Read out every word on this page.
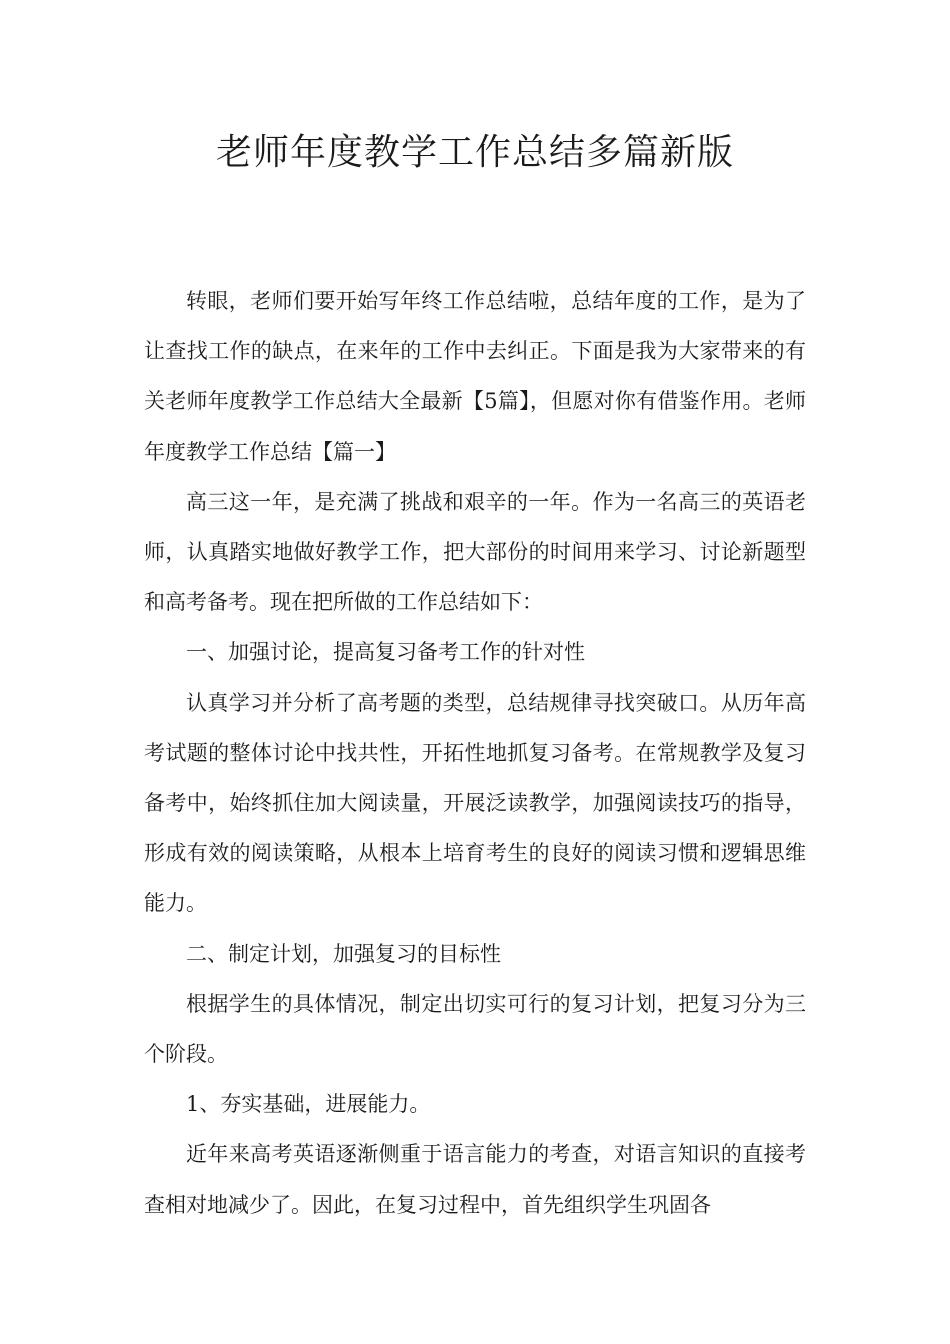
老师年度教学工作总结多篇新版

转眼，老师们要开始写年终工作总结啦，总结年度的工作，是为了让查找工作的缺点，在来年的工作中去纠正。下面是我为大家带来的有关老师年度教学工作总结大全最新【5篇】，但愿对你有借鉴作用。老师年度教学工作总结【篇一】

高三这一年，是充满了挑战和艰辛的一年。作为一名高三的英语老师，认真踏实地做好教学工作，把大部份的时间用来学习、讨论新题型和高考备考。现在把所做的工作总结如下：

一、加强讨论，提高复习备考工作的针对性

认真学习并分析了高考题的类型，总结规律寻找突破口。从历年高考试题的整体讨论中找共性，开拓性地抓复习备考。在常规教学及复习备考中，始终抓住加大阅读量，开展泛读教学，加强阅读技巧的指导，形成有效的阅读策略，从根本上培育考生的良好的阅读习惯和逻辑思维能力。

二、制定计划，加强复习的目标性

根据学生的具体情况，制定出切实可行的复习计划，把复习分为三个阶段。

1、夯实基础，进展能力。

近年来高考英语逐渐侧重于语言能力的考查，对语言知识的直接考查相对地减少了。因此，在复习过程中，首先组织学生巩固各
